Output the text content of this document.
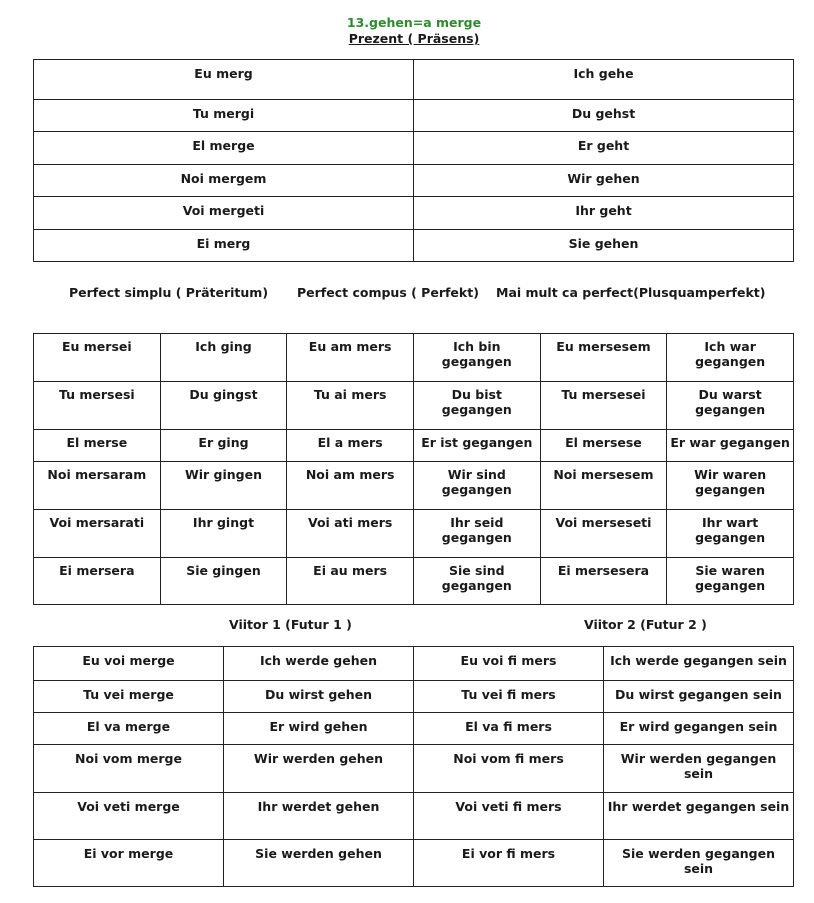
13.gehen=a merge
Prezent ( Präsens)
Eu merg	Ich gehe
Tu mergi	Du gehst
El merge	Er geht
Noi mergem	Wir gehen
Voi mergeti	Ihr geht
Ei merg	Sie gehen
Perfect simplu ( Präteritum) Perfect compus ( Perfekt) Mai mult ca perfect(Plusquamperfekt)
Eu mersei	Ich ging	Eu am mers	Ich bin gegangen	Eu mersesem	Ich war gegangen
Tu mersesi	Du gingst	Tu ai mers	Du bist gegangen	Tu mersesei	Du warst gegangen
El merse	Er ging	El a mers	Er ist gegangen	El mersese	Er war gegangen
Noi mersaram	Wir gingen	Noi am mers	Wir sind gegangen	Noi mersesem	Wir waren gegangen
Voi mersarati	Ihr gingt	Voi ati mers	Ihr seid gegangen	Voi merseseti	Ihr wart gegangen
Ei mersera	Sie gingen	Ei au mers	Sie sind gegangen	Ei mersesera	Sie waren gegangen
Viitor 1 (Futur 1 )	Viitor 2 (Futur 2 )
Eu voi merge	Ich werde gehen	Eu voi fi mers	Ich werde gegangen sein
Tu vei merge	Du wirst gehen	Tu vei fi mers	Du wirst gegangen sein
El va merge	Er wird gehen	El va fi mers	Er wird gegangen sein
Noi vom merge	Wir werden gehen	Noi vom fi mers	Wir werden gegangen sein
Voi veti merge	Ihr werdet gehen	Voi veti fi mers	Ihr werdet gegangen sein
Ei vor merge	Sie werden gehen	Ei vor fi mers	Sie werden gegangen sein
